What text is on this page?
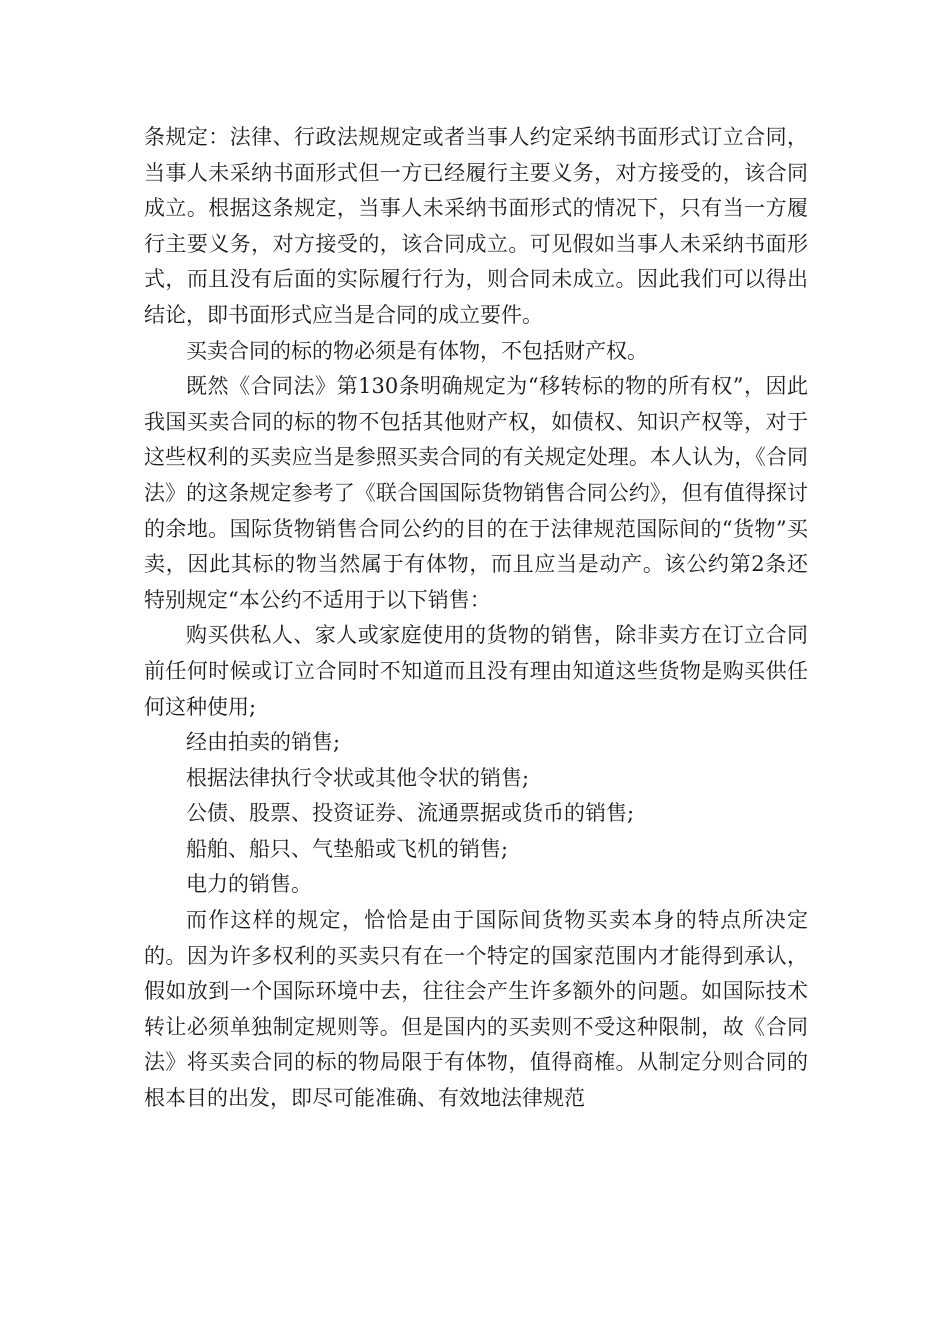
条规定：法律、行政法规规定或者当事人约定采纳书面形式订立合同，当事人未采纳书面形式但一方已经履行主要义务，对方接受的，该合同成立。根据这条规定，当事人未采纳书面形式的情况下，只有当一方履行主要义务，对方接受的，该合同成立。可见假如当事人未采纳书面形式，而且没有后面的实际履行行为，则合同未成立。因此我们可以得出结论，即书面形式应当是合同的成立要件。

买卖合同的标的物必须是有体物，不包括财产权。

既然《合同法》第130条明确规定为“移转标的物的所有权”，因此我国买卖合同的标的物不包括其他财产权，如债权、知识产权等，对于这些权利的买卖应当是参照买卖合同的有关规定处理。本人认为，《合同法》的这条规定参考了《联合国国际货物销售合同公约》，但有值得探讨的余地。国际货物销售合同公约的目的在于法律规范国际间的“货物”买卖，因此其标的物当然属于有体物，而且应当是动产。该公约第2条还特别规定“本公约不适用于以下销售：

购买供私人、家人或家庭使用的货物的销售，除非卖方在订立合同前任何时候或订立合同时不知道而且没有理由知道这些货物是购买供任何这种使用;

经由拍卖的销售;

根据法律执行令状或其他令状的销售;

公债、股票、投资证券、流通票据或货币的销售;

船舶、船只、气垫船或飞机的销售;

电力的销售。

而作这样的规定，恰恰是由于国际间货物买卖本身的特点所决定的。因为许多权利的买卖只有在一个特定的国家范围内才能得到承认，假如放到一个国际环境中去，往往会产生许多额外的问题。如国际技术转让必须单独制定规则等。但是国内的买卖则不受这种限制，故《合同法》将买卖合同的标的物局限于有体物，值得商榷。从制定分则合同的根本目的出发，即尽可能准确、有效地法律规范
